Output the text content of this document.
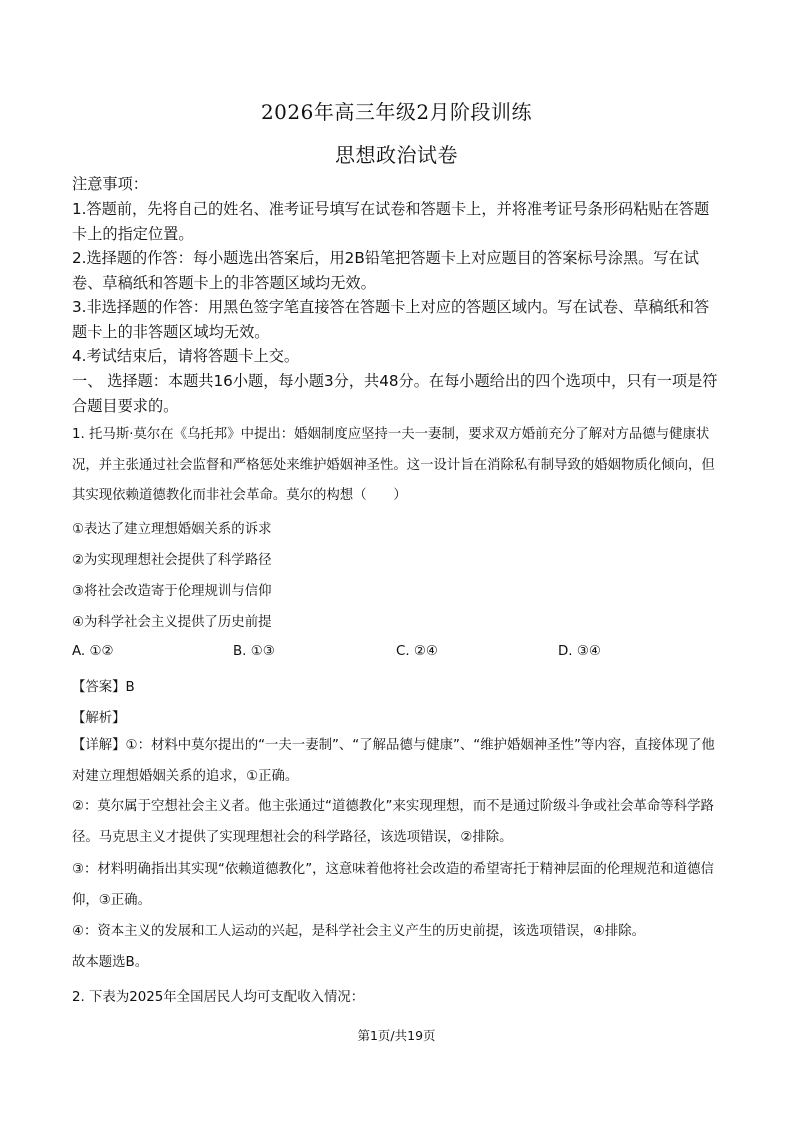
2026年高三年级2月阶段训练
思想政治试卷
注意事项：
1.答题前，先将自己的姓名、准考证号填写在试卷和答题卡上，并将准考证号条形码粘贴在答题卡上的指定位置。
2.选择题的作答：每小题选出答案后，用2B铅笔把答题卡上对应题目的答案标号涂黑。写在试卷、草稿纸和答题卡上的非答题区域均无效。
3.非选择题的作答：用黑色签字笔直接答在答题卡上对应的答题区域内。写在试卷、草稿纸和答题卡上的非答题区域均无效。
4.考试结束后，请将答题卡上交。
一、 选择题：本题共16小题，每小题3分，共48分。在每小题给出的四个选项中，只有一项是符合题目要求的。
1. 托马斯·莫尔在《乌托邦》中提出：婚姻制度应坚持一夫一妻制，要求双方婚前充分了解对方品德与健康状况，并主张通过社会监督和严格惩处来维护婚姻神圣性。这一设计旨在消除私有制导致的婚姻物质化倾向，但其实现依赖道德教化而非社会革命。莫尔的构想（　　）
①表达了建立理想婚姻关系的诉求
②为实现理想社会提供了科学路径
③将社会改造寄于伦理规训与信仰
④为科学社会主义提供了历史前提
A. ①②	B. ①③	C. ②④	D. ③④
【答案】B
【解析】
【详解】①：材料中莫尔提出的“一夫一妻制”、“了解品德与健康”、“维护婚姻神圣性”等内容，直接体现了他对建立理想婚姻关系的追求，①正确。
②：莫尔属于空想社会主义者。他主张通过“道德教化”来实现理想，而不是通过阶级斗争或社会革命等科学路径。马克思主义才提供了实现理想社会的科学路径，该选项错误，②排除。
③：材料明确指出其实现“依赖道德教化”，这意味着他将社会改造的希望寄托于精神层面的伦理规范和道德信仰，③正确。
④：资本主义的发展和工人运动的兴起，是科学社会主义产生的历史前提，该选项错误，④排除。
故本题选B。
2. 下表为2025年全国居民人均可支配收入情况：
第1页/共19页
